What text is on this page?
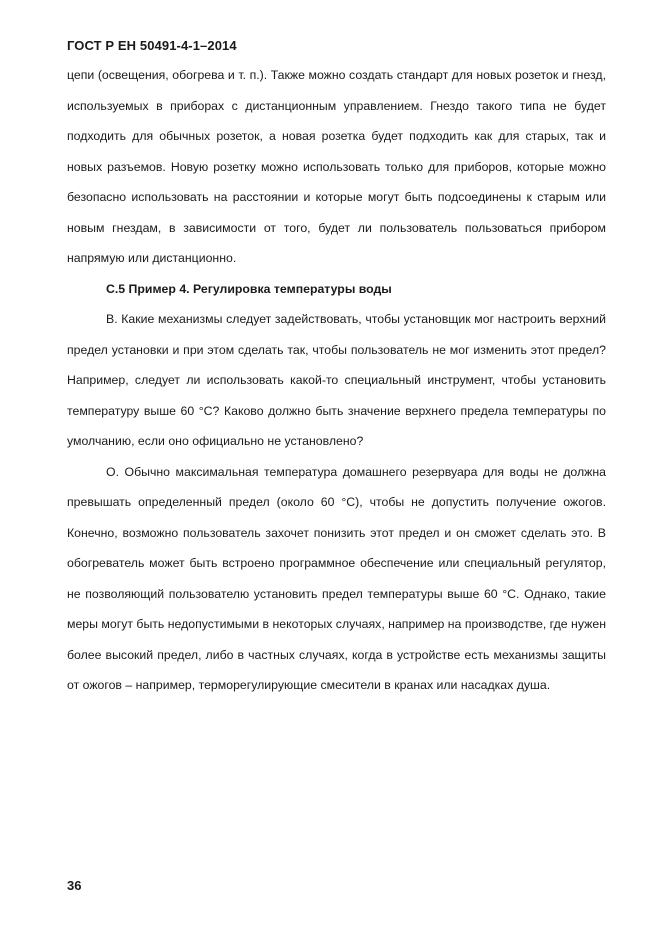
ГОСТ Р ЕН 50491-4-1–2014

цепи (освещения, обогрева и т. п.). Также можно создать стандарт для новых розеток и гнезд, используемых в приборах с дистанционным управлением. Гнездо такого типа не будет подходить для обычных розеток, а новая розетка будет подходить как для старых, так и новых разъемов. Новую розетку можно использовать только для приборов, которые можно безопасно использовать на расстоянии и которые могут быть подсоединены к старым или новым гнездам, в зависимости от того, будет ли пользователь пользоваться прибором напрямую или дистанционно.

C.5 Пример 4. Регулировка температуры воды

В. Какие механизмы следует задействовать, чтобы установщик мог настроить верхний предел установки и при этом сделать так, чтобы пользователь не мог изменить этот предел? Например, следует ли использовать какой-то специальный инструмент, чтобы установить температуру выше 60 °С? Каково должно быть значение верхнего предела температуры по умолчанию, если оно официально не установлено?

О. Обычно максимальная температура домашнего резервуара для воды не должна превышать определенный предел (около 60 °С), чтобы не допустить получение ожогов. Конечно, возможно пользователь захочет понизить этот предел и он сможет сделать это. В обогреватель может быть встроено программное обеспечение или специальный регулятор, не позволяющий пользователю установить предел температуры выше 60 °С. Однако, такие меры могут быть недопустимыми в некоторых случаях, например на производстве, где нужен более высокий предел, либо в частных случаях, когда в устройстве есть механизмы защиты от ожогов – например, терморегулирующие смесители в кранах или насадках душа.

36
